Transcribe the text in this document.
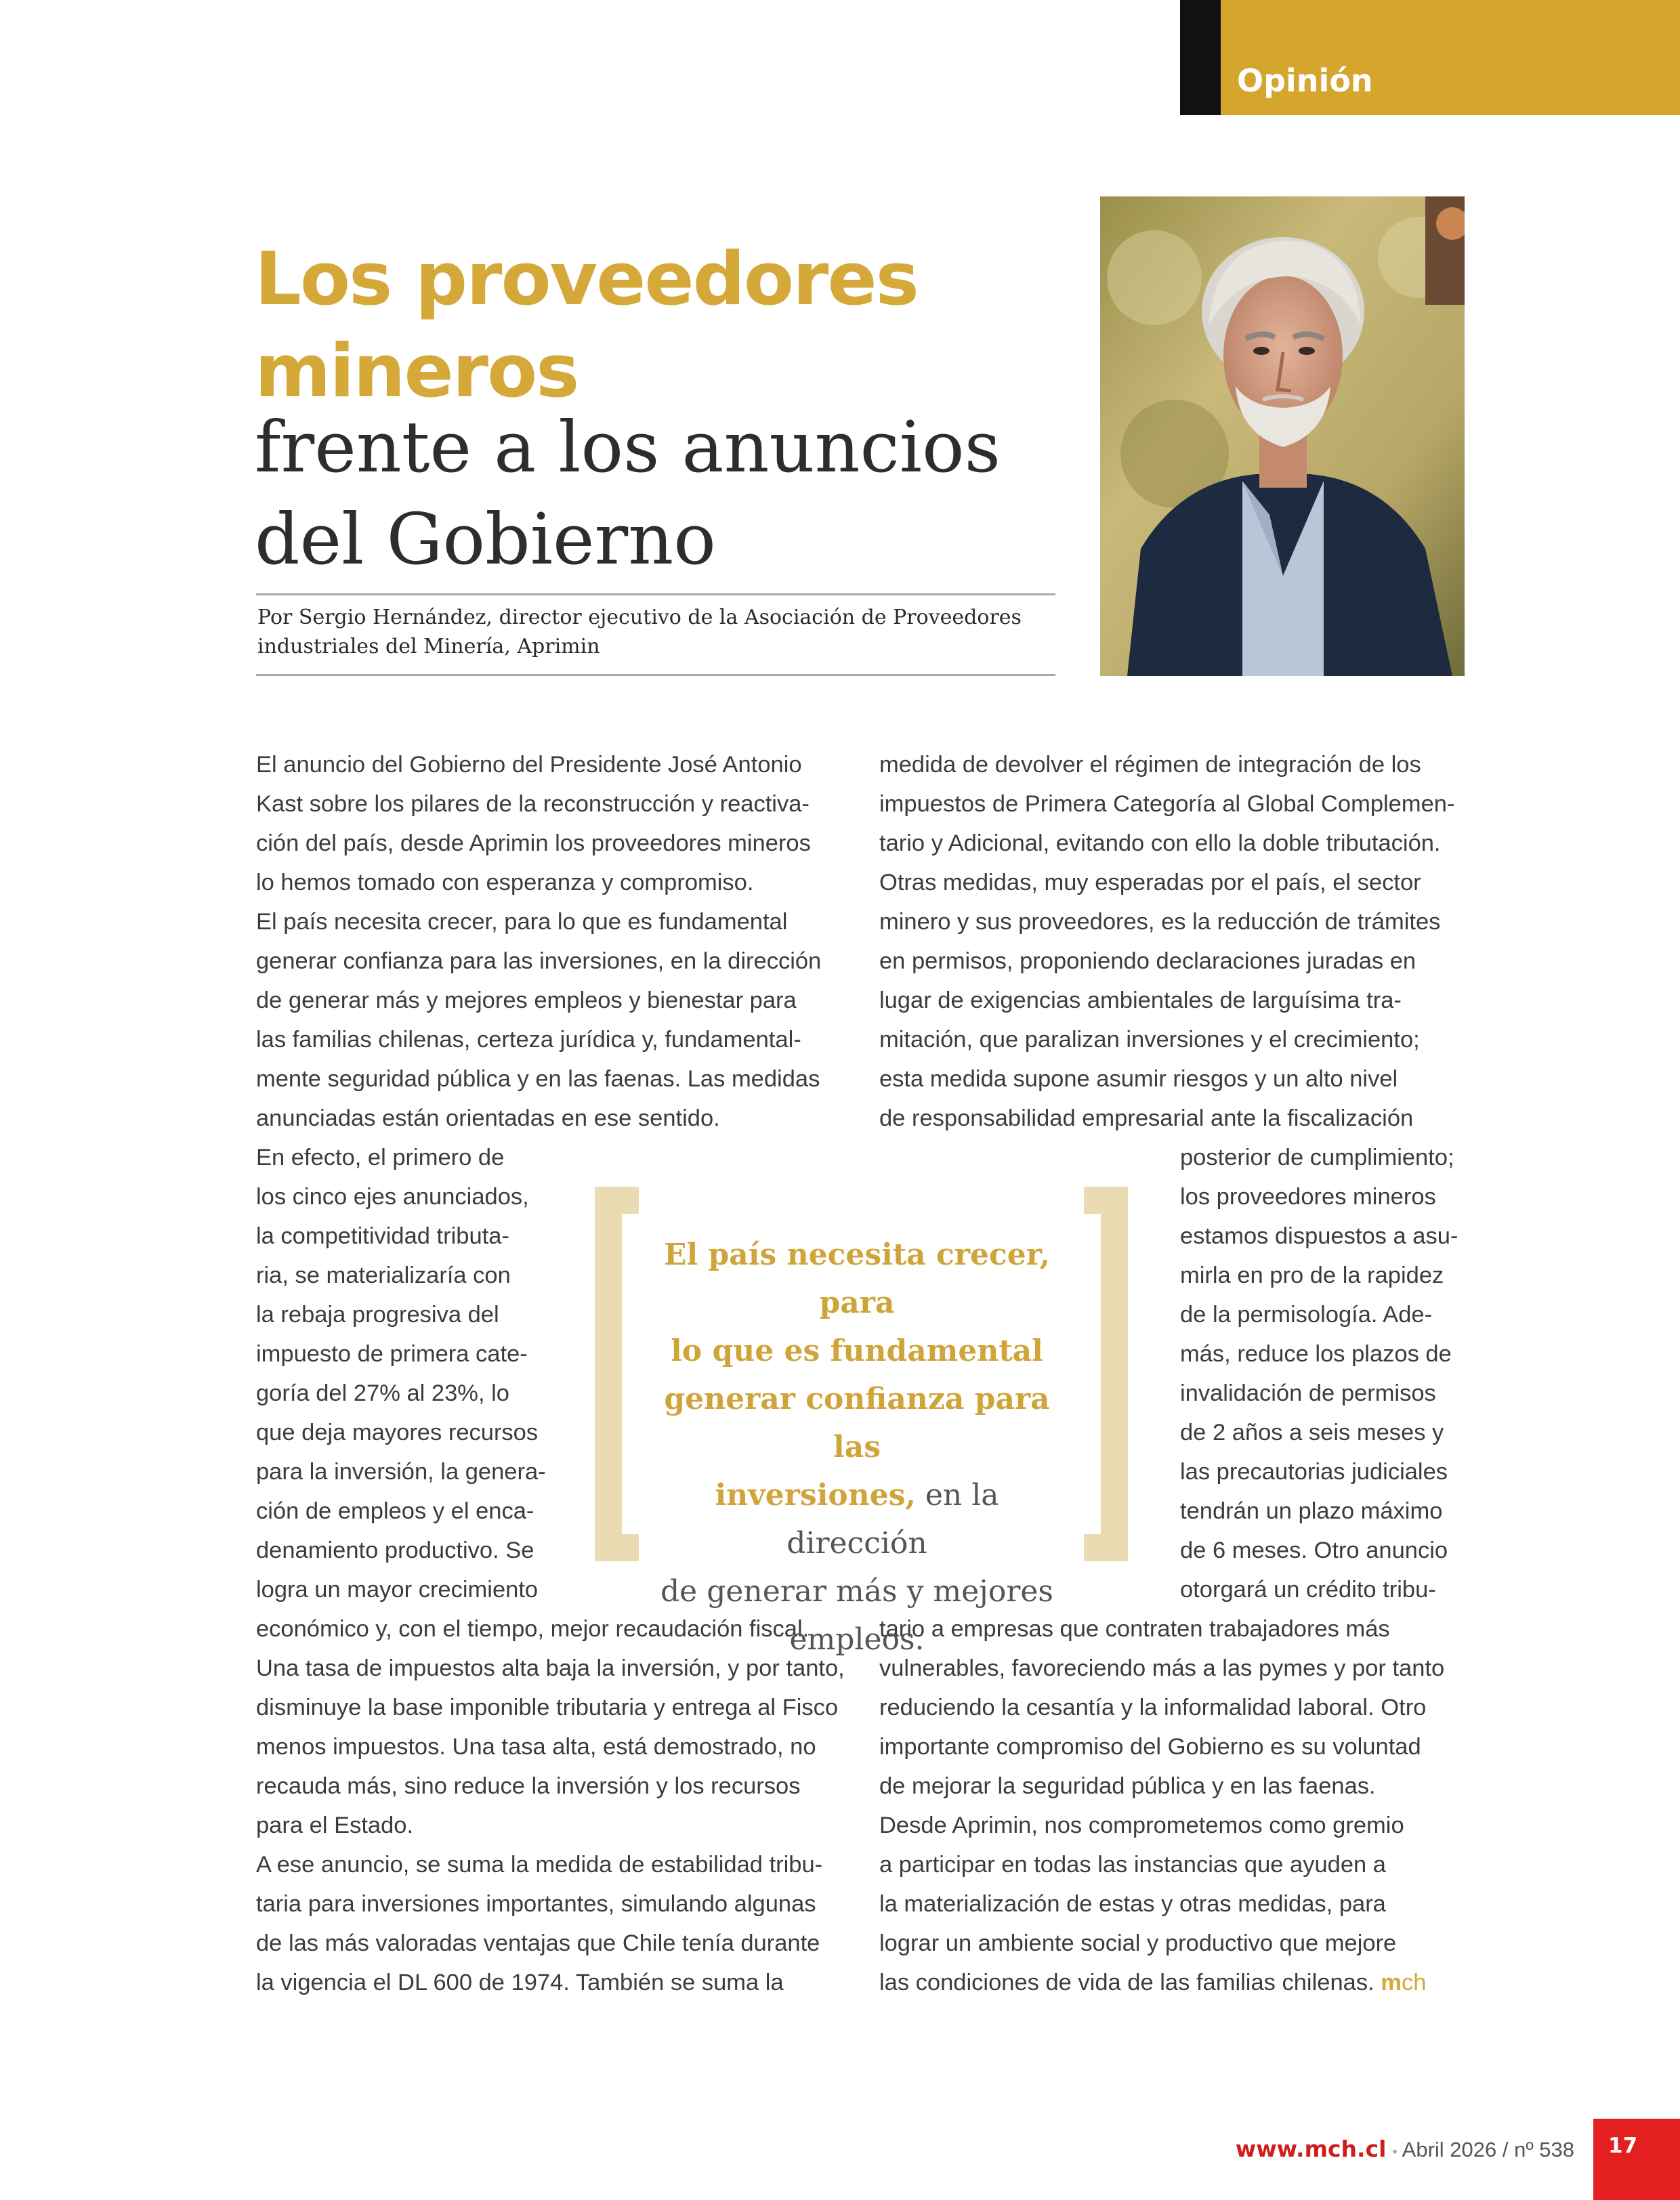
Opinión
Los proveedores
mineros
frente a los anuncios
del Gobierno
Por Sergio Hernández, director ejecutivo de la Asociación de Proveedores
industriales del Minería, Aprimin
El anuncio del Gobierno del Presidente José Antonio
Kast sobre los pilares de la reconstrucción y reactiva-
ción del país, desde Aprimin los proveedores mineros
lo hemos tomado con esperanza y compromiso.
El país necesita crecer, para lo que es fundamental
generar confianza para las inversiones, en la dirección
de generar más y mejores empleos y bienestar para
las familias chilenas, certeza jurídica y, fundamental-
mente seguridad pública y en las faenas. Las medidas
anunciadas están orientadas en ese sentido.
En efecto, el primero de
los cinco ejes anunciados,
la competitividad tributa-
ria, se materializaría con
la rebaja progresiva del
impuesto de primera cate-
goría del 27% al 23%, lo
que deja mayores recursos
para la inversión, la genera-
ción de empleos y el enca-
denamiento productivo. Se
logra un mayor crecimiento
económico y, con el tiempo, mejor recaudación fiscal.
Una tasa de impuestos alta baja la inversión, y por tanto,
disminuye la base imponible tributaria y entrega al Fisco
menos impuestos. Una tasa alta, está demostrado, no
recauda más, sino reduce la inversión y los recursos
para el Estado.
A ese anuncio, se suma la medida de estabilidad tribu-
taria para inversiones importantes, simulando algunas
de las más valoradas ventajas que Chile tenía durante
la vigencia el DL 600 de 1974. También se suma la
medida de devolver el régimen de integración de los
impuestos de Primera Categoría al Global Complemen-
tario y Adicional, evitando con ello la doble tributación.
Otras medidas, muy esperadas por el país, el sector
minero y sus proveedores, es la reducción de trámites
en permisos, proponiendo declaraciones juradas en
lugar de exigencias ambientales de larguísima tra-
mitación, que paralizan inversiones y el crecimiento;
esta medida supone asumir riesgos y un alto nivel
de responsabilidad empresarial ante la fiscalización
posterior de cumplimiento;
los proveedores mineros
estamos dispuestos a asu-
mirla en pro de la rapidez
de la permisología. Ade-
más, reduce los plazos de
invalidación de permisos
de 2 años a seis meses y
las precautorias judiciales
tendrán un plazo máximo
de 6 meses. Otro anuncio
otorgará un crédito tribu-
tario a empresas que contraten trabajadores más
vulnerables, favoreciendo más a las pymes y por tanto
reduciendo la cesantía y la informalidad laboral. Otro
importante compromiso del Gobierno es su voluntad
de mejorar la seguridad pública y en las faenas.
Desde Aprimin, nos comprometemos como gremio
a participar en todas las instancias que ayuden a
la materialización de estas y otras medidas, para
lograr un ambiente social y productivo que mejore
las condiciones de vida de las familias chilenas. mch
El país necesita crecer, para
lo que es fundamental
generar confianza para las
inversiones, en la dirección
de generar más y mejores
empleos.
www.mch.cl • Abril 2026 / nº 538 17
